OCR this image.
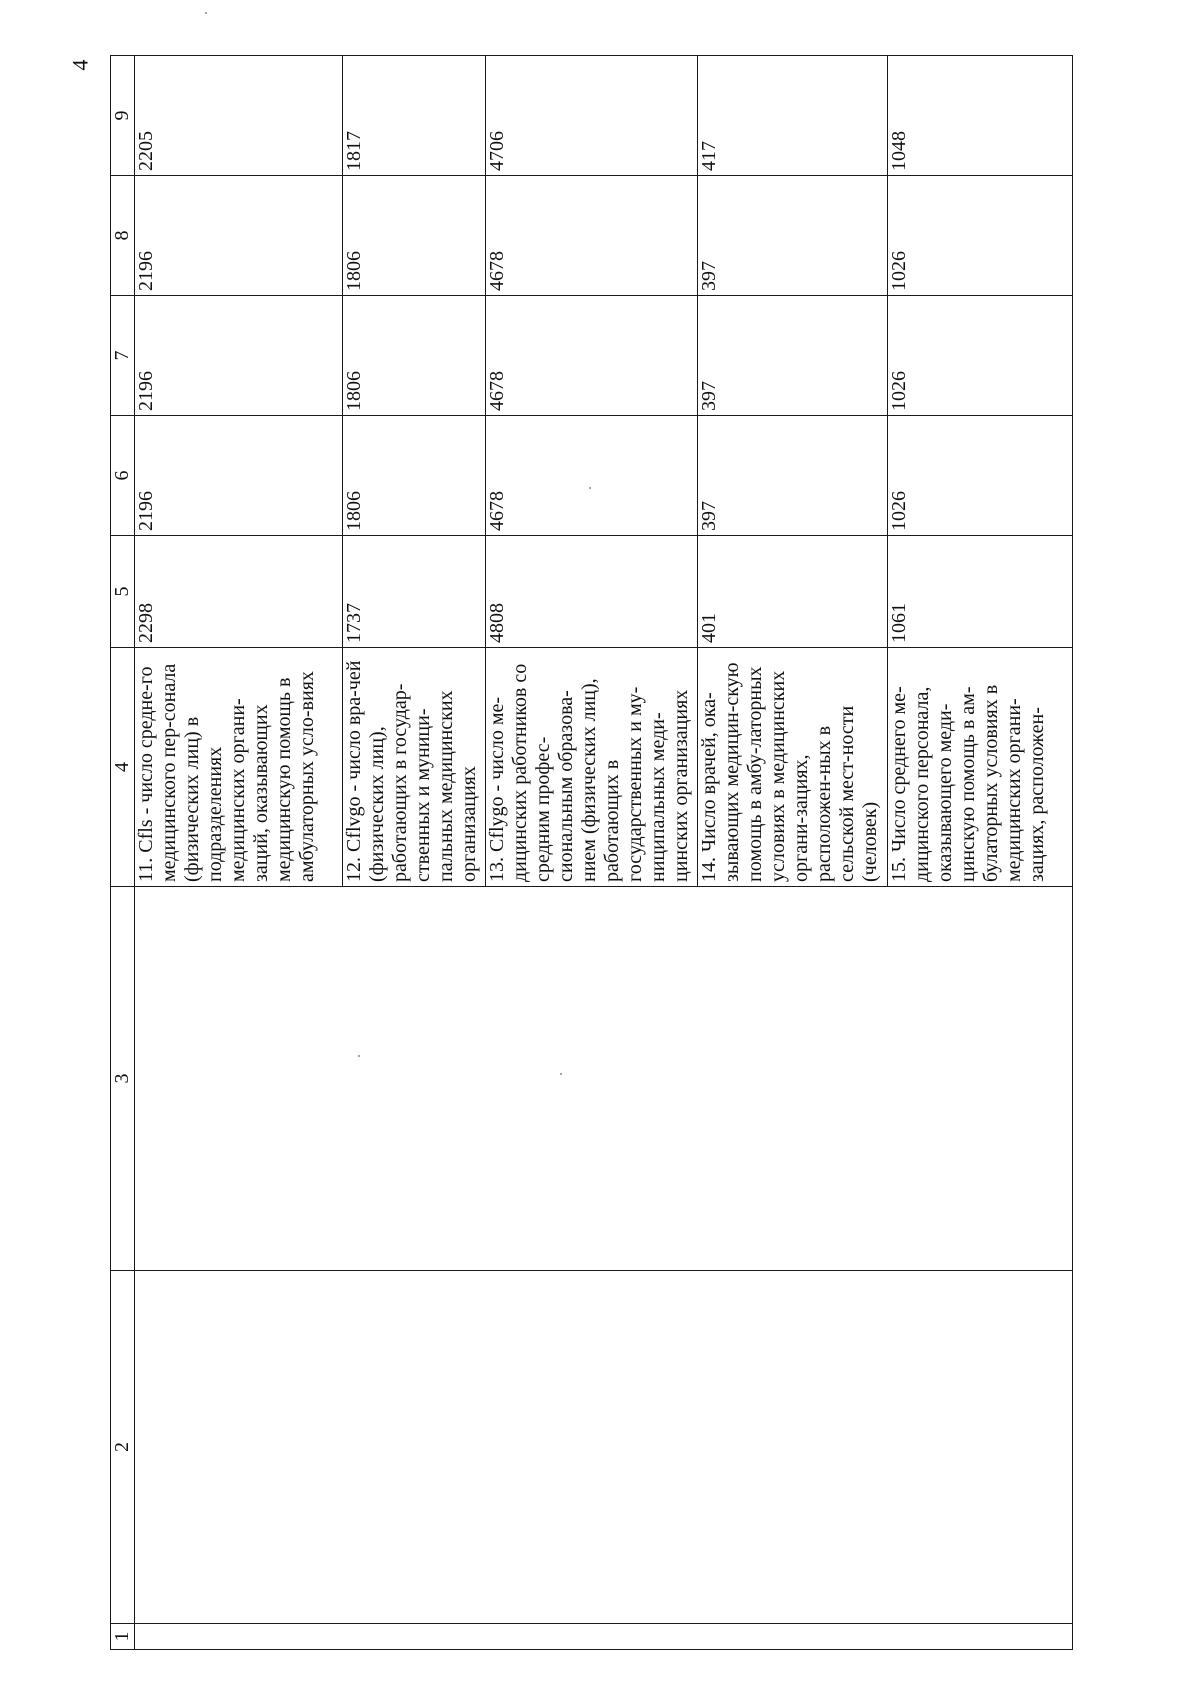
4
1	2	3	4	5	6	7	8	9
			11. Cfls - число средне-го медицинского пер-сонала (физических лиц) в подразделениях медицинских органи-заций, оказывающих медицинскую помощь в амбулаторных усло-виях	2298	2196	2196	2196	2205
			12. Cflvgo - число вра-чей (физических лиц), работающих в государ-ственных и муници-пальных медицинских организациях	1737	1806	1806	1806	1817
			13. Cflygo - число ме-дицинских работников со средним профес-сиональным образова-нием (физических лиц), работающих в государственных и му-ниципальных меди-цинских организациях	4808	4678	4678	4678	4706
			14. Число врачей, ока-зывающих медицин-скую помощь в амбу-латорных условиях в медицинских органи-зациях, расположен-ных в сельской мест-ности (человек)	401	397	397	397	417
			15. Число среднего ме-дицинского персонала, оказывающего меди-цинскую помощь в ам-булаторных условиях в медицинских органи-зациях, расположен-	1061	1026	1026	1026	1048
